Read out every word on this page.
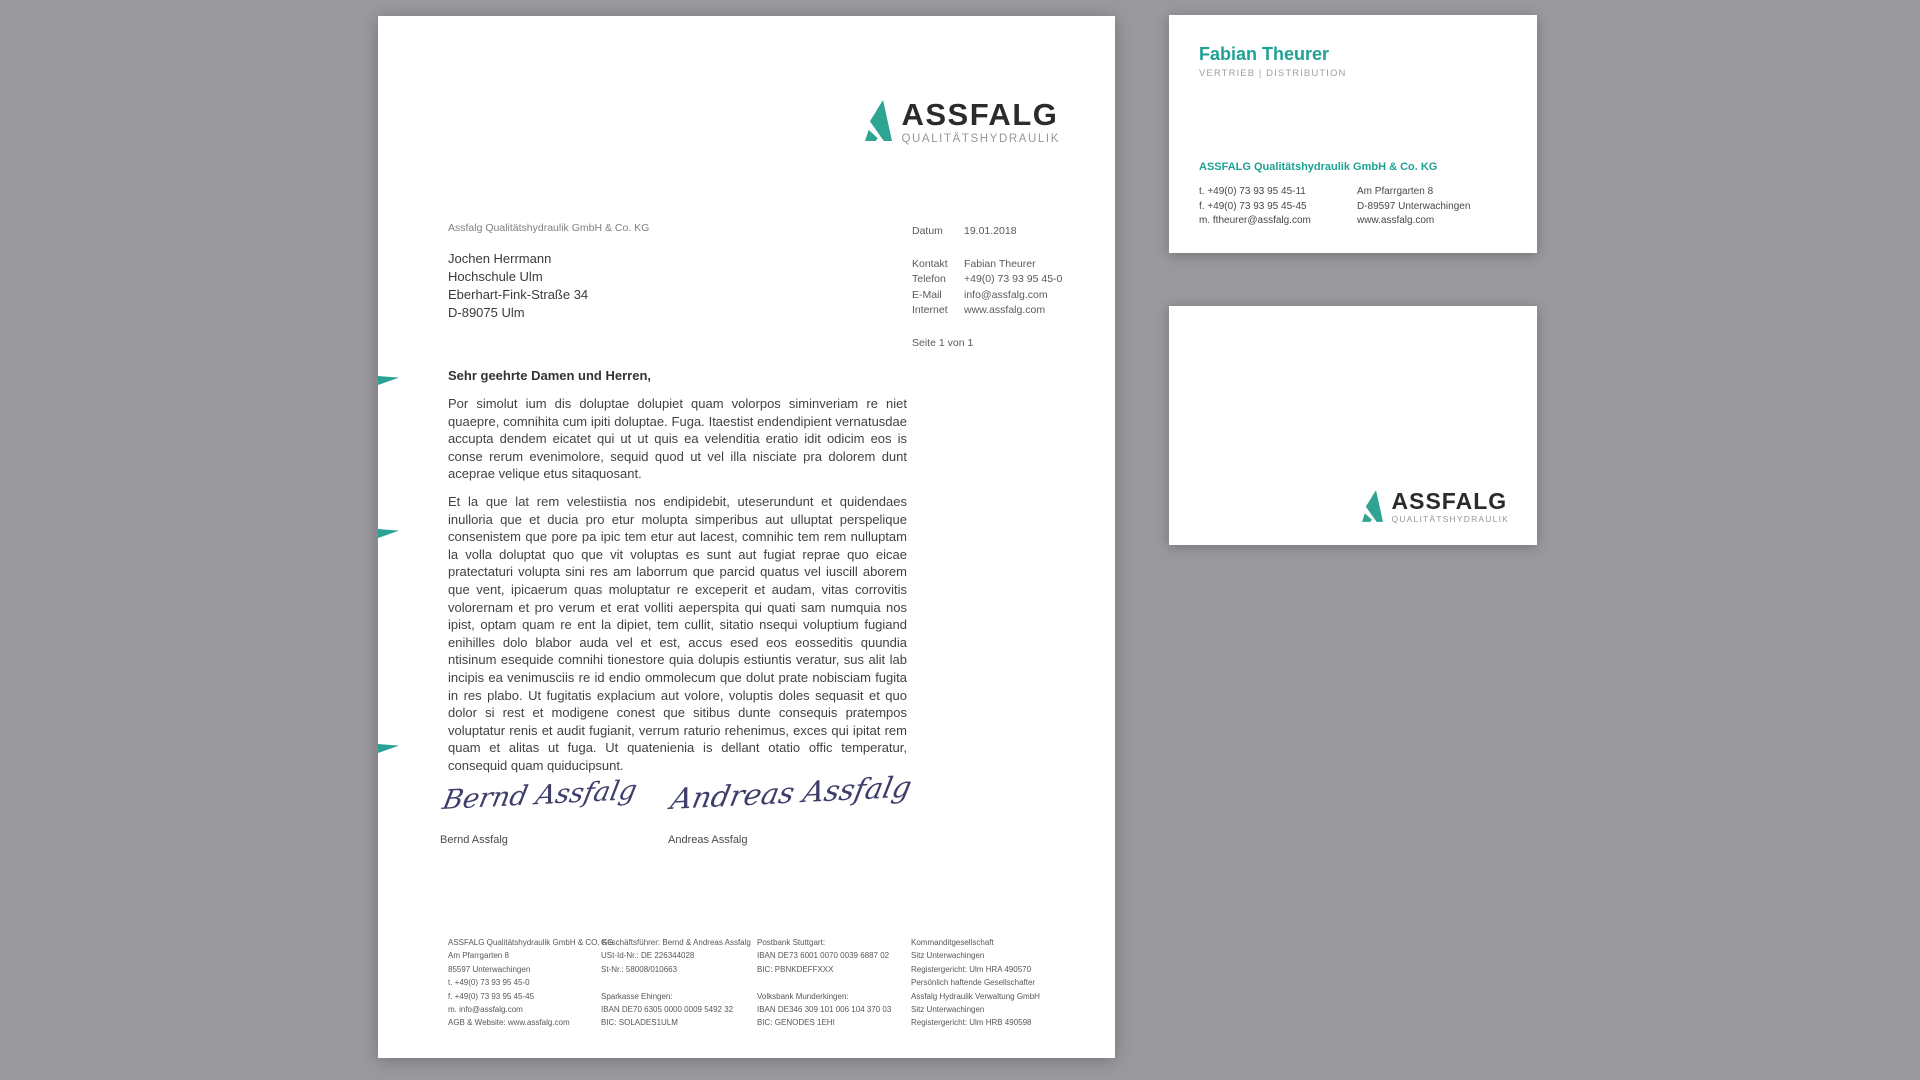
ASSFALG
QUALITÄTSHYDRAULIK
Assfalg Qualitätshydraulik GmbH & Co. KG
Jochen Herrmann
Hochschule Ulm
Eberhart-Fink-Straße 34
D-89075 Ulm
Datum	19.01.2018
Kontakt	Fabian Theurer
Telefon	+49(0) 73 93 95 45-0
E-Mail	info@assfalg.com
Internet	www.assfalg.com
Seite 1 von 1
Sehr geehrte Damen und Herren,

Por simolut ium dis doluptae dolupiet quam volorpos siminveriam re niet quaepre, comnihita cum ipiti doluptae. Fuga. Itaestist endendipient vernatusdae accupta dendem eicatet qui ut ut quis ea velenditia eratio idit odicim eos is conse rerum evenimolore, sequid quod ut vel illa nisciate pra dolorem dunt aceprae velique etus sitaquosant.

Et la que lat rem velestiistia nos endipidebit, uteserundunt et quidendaes inulloria que et ducia pro etur molupta simperibus aut ulluptat perspelique consenistem que pore pa ipic tem etur aut lacest, comnihic tem rem nulluptam la volla doluptat quo que vit voluptas es sunt aut fugiat reprae quo eicae pratectaturi volupta sini res am laborrum que parcid quatus vel iuscill aborem que vent, ipicaerum quas moluptatur re exceperit et audam, vitas corrovitis volorernam et pro verum et erat volliti aeperspita qui quati sam numquia nos ipist, optam quam re ent la dipiet, tem cullit, sitatio nsequi voluptium fugiand enihilles dolo blabor auda vel et est, accus esed eos eosseditis quundia ntisinum esequide comnihi tionestore quia dolupis estiuntis veratur, sus alit lab incipis ea venimusciis re id endio ommolecum que dolut prate nobisciam fugita in res plabo. Ut fugitatis explacium aut volore, voluptis doles sequasit et quo dolor si rest et modigene conest que sitibus dunte consequis pratempos voluptatur renis et audit fugianit, verrum raturio rehenimus, exces qui ipitat rem quam et alitas ut fuga. Ut quatenienia is dellant otatio offic temperatur, consequid quam quiducipsunt.

Bernd Assfalg
Bernd Assfalg
Andreas Assfalg
Andreas Assfalg
ASSFALG Qualitätshydraulik GmbH & CO. KG
Am Pfarrgarten 8
85597 Unterwachingen
t. +49(0) 73 93 95 45-0
f. +49(0) 73 93 95 45-45
m. info@assfalg.com
AGB & Website: www.assfalg.com
Geschäftsführer: Bernd & Andreas Assfalg
USt-Id-Nr.: DE 226344028
St-Nr.: 58008/010663
Sparkasse Ehingen:
IBAN DE70 6305 0000 0009 5492 32
BIC: SOLADES1ULM
Postbank Stuttgart:
IBAN DE73 6001 0070 0039 6887 02
BIC: PBNKDEFFXXX
Volksbank Munderkingen:
IBAN DE346 309 101 006 104 370 03
BIC: GENODES 1EHI
Kommanditgesellschaft
Sitz Unterwachingen
Registergericht: Ulm HRA 490570
Persönlich haftende Gesellschafter
Assfalg Hydraulik Verwaltung GmbH
Sitz Unterwachingen
Registergericht: Ulm HRB 490598
Fabian Theurer
VERTRIEB | DISTRIBUTION
ASSFALG Qualitätshydraulik GmbH & Co. KG
t. +49(0) 73 93 95 45-11
f. +49(0) 73 93 95 45-45
m. ftheurer@assfalg.com
Am Pfarrgarten 8
D-89597 Unterwachingen
www.assfalg.com
ASSFALG
QUALITÄTSHYDRAULIK
